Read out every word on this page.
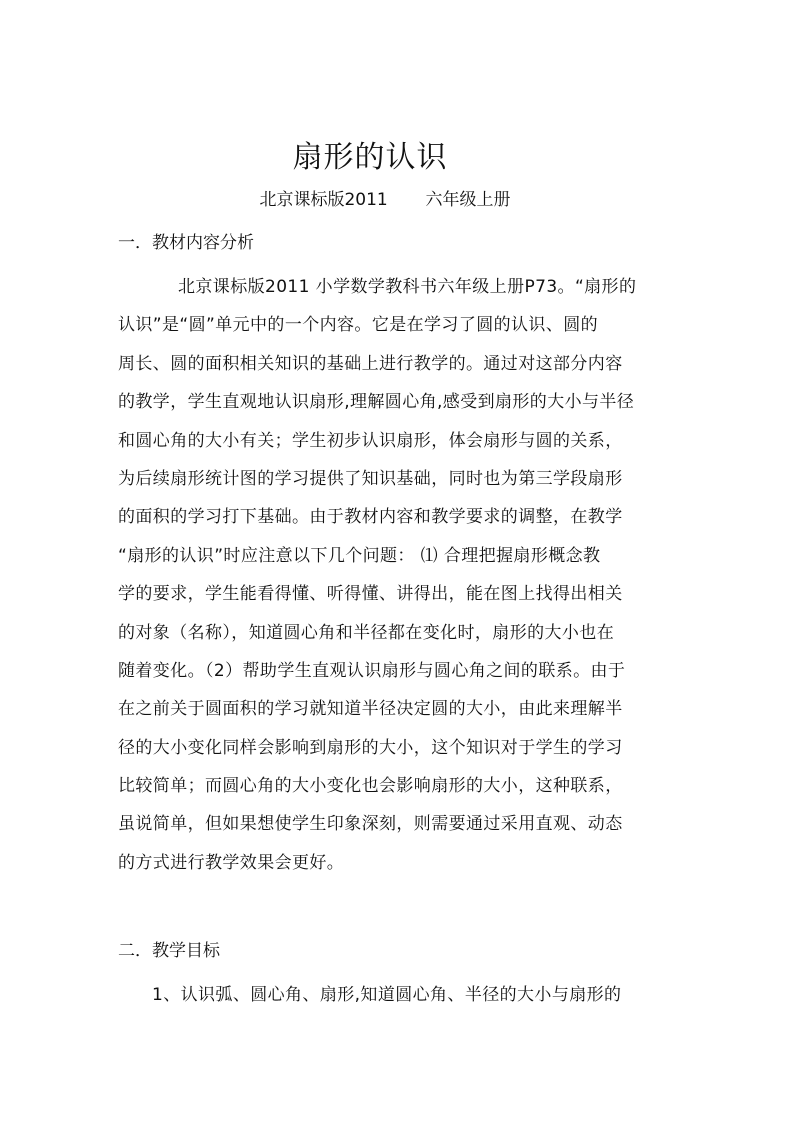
扇形的认识
北京课标版2011       六年级上册
一．教材内容分析
北京课标版2011 小学数学教科书六年级上册P73。“扇形的
认识”是“圆”单元中的一个内容。它是在学习了圆的认识、圆的
周长、圆的面积相关知识的基础上进行教学的。通过对这部分内容
的教学，学生直观地认识扇形,理解圆心角,感受到扇形的大小与半径
和圆心角的大小有关；学生初步认识扇形，体会扇形与圆的关系，
为后续扇形统计图的学习提供了知识基础，同时也为第三学段扇形
的面积的学习打下基础。由于教材内容和教学要求的调整，在教学
“扇形的认识”时应注意以下几个问题： ⑴ 合理把握扇形概念教
学的要求，学生能看得懂、听得懂、讲得出，能在图上找得出相关
的对象（名称），知道圆心角和半径都在变化时，扇形的大小也在
随着变化。（2）帮助学生直观认识扇形与圆心角之间的联系。由于
在之前关于圆面积的学习就知道半径决定圆的大小，由此来理解半
径的大小变化同样会影响到扇形的大小，这个知识对于学生的学习
比较简单；而圆心角的大小变化也会影响扇形的大小，这种联系，
虽说简单，但如果想使学生印象深刻，则需要通过采用直观、动态
的方式进行教学效果会更好。
二．教学目标
1、认识弧、圆心角、扇形,知道圆心角、半径的大小与扇形的
